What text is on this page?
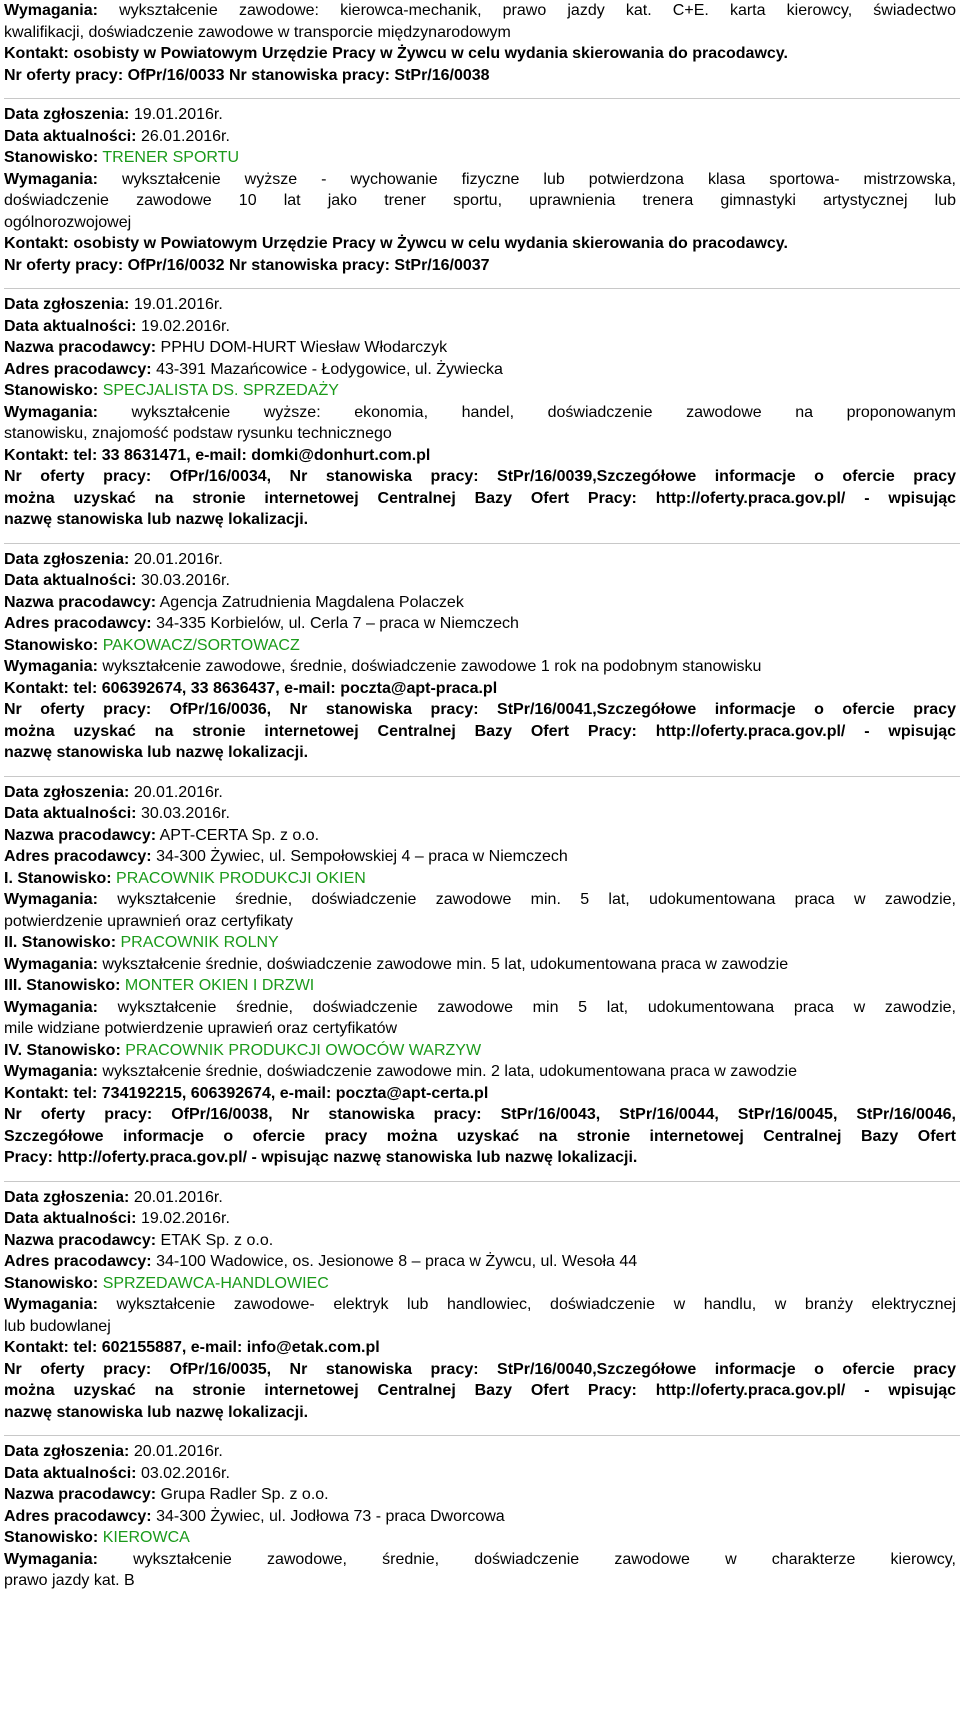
Wymagania: wykształcenie zawodowe: kierowca-mechanik, prawo jazdy kat. C+E. karta kierowcy, świadectwo
kwalifikacji, doświadczenie zawodowe w transporcie międzynarodowym
Kontakt: osobisty w Powiatowym Urzędzie Pracy w Żywcu w celu wydania skierowania do pracodawcy.
Nr oferty pracy: OfPr/16/0033 Nr stanowiska pracy: StPr/16/0038
Data zgłoszenia: 19.01.2016r.
Data aktualności: 26.01.2016r.
Stanowisko: TRENER SPORTU
Wymagania: wykształcenie wyższe - wychowanie fizyczne lub potwierdzona klasa sportowa- mistrzowska,
doświadczenie zawodowe 10 lat jako trener sportu, uprawnienia trenera gimnastyki artystycznej lub
ogólnorozwojowej
Kontakt: osobisty w Powiatowym Urzędzie Pracy w Żywcu w celu wydania skierowania do pracodawcy.
Nr oferty pracy: OfPr/16/0032 Nr stanowiska pracy: StPr/16/0037
Data zgłoszenia: 19.01.2016r.
Data aktualności: 19.02.2016r.
Nazwa pracodawcy: PPHU DOM-HURT Wiesław Włodarczyk
Adres pracodawcy: 43-391 Mazańcowice - Łodygowice, ul. Żywiecka
Stanowisko: SPECJALISTA DS. SPRZEDAŻY
Wymagania: wykształcenie wyższe: ekonomia, handel, doświadczenie zawodowe na proponowanym
stanowisku, znajomość podstaw rysunku technicznego
Kontakt: tel: 33 8631471, e-mail: domki@donhurt.com.pl
Nr oferty pracy: OfPr/16/0034, Nr stanowiska pracy: StPr/16/0039,Szczegółowe informacje o ofercie pracy
można uzyskać na stronie internetowej Centralnej Bazy Ofert Pracy: http://oferty.praca.gov.pl/ - wpisując
nazwę stanowiska lub nazwę lokalizacji.
Data zgłoszenia: 20.01.2016r.
Data aktualności: 30.03.2016r.
Nazwa pracodawcy: Agencja Zatrudnienia Magdalena Polaczek
Adres pracodawcy: 34-335 Korbielów, ul. Cerla 7 – praca w Niemczech
Stanowisko: PAKOWACZ/SORTOWACZ
Wymagania: wykształcenie zawodowe, średnie, doświadczenie zawodowe 1 rok na podobnym stanowisku
Kontakt: tel: 606392674, 33 8636437, e-mail: poczta@apt-praca.pl
Nr oferty pracy: OfPr/16/0036, Nr stanowiska pracy: StPr/16/0041,Szczegółowe informacje o ofercie pracy
można uzyskać na stronie internetowej Centralnej Bazy Ofert Pracy: http://oferty.praca.gov.pl/ - wpisując
nazwę stanowiska lub nazwę lokalizacji.
Data zgłoszenia: 20.01.2016r.
Data aktualności: 30.03.2016r.
Nazwa pracodawcy: APT-CERTA Sp. z o.o.
Adres pracodawcy: 34-300 Żywiec, ul. Sempołowskiej 4 – praca w Niemczech
I. Stanowisko: PRACOWNIK PRODUKCJI OKIEN
Wymagania: wykształcenie średnie, doświadczenie zawodowe min. 5 lat, udokumentowana praca w zawodzie,
potwierdzenie uprawnień oraz certyfikaty
II. Stanowisko: PRACOWNIK ROLNY
Wymagania: wykształcenie średnie, doświadczenie zawodowe min. 5 lat, udokumentowana praca w zawodzie
III. Stanowisko: MONTER OKIEN I DRZWI
Wymagania: wykształcenie średnie, doświadczenie zawodowe min 5 lat, udokumentowana praca w zawodzie,
mile widziane potwierdzenie uprawień oraz certyfikatów
IV. Stanowisko: PRACOWNIK PRODUKCJI OWOCÓW WARZYW
Wymagania: wykształcenie średnie, doświadczenie zawodowe min. 2 lata, udokumentowana praca w zawodzie
Kontakt: tel: 734192215, 606392674, e-mail: poczta@apt-certa.pl
Nr oferty pracy: OfPr/16/0038, Nr stanowiska pracy: StPr/16/0043, StPr/16/0044, StPr/16/0045, StPr/16/0046,
Szczegółowe informacje o ofercie pracy można uzyskać na stronie internetowej Centralnej Bazy Ofert
Pracy: http://oferty.praca.gov.pl/ - wpisując nazwę stanowiska lub nazwę lokalizacji.
Data zgłoszenia: 20.01.2016r.
Data aktualności: 19.02.2016r.
Nazwa pracodawcy: ETAK Sp. z o.o.
Adres pracodawcy: 34-100 Wadowice, os. Jesionowe 8 – praca w Żywcu, ul. Wesoła 44
Stanowisko: SPRZEDAWCA-HANDLOWIEC
Wymagania: wykształcenie zawodowe- elektryk lub handlowiec, doświadczenie w handlu, w branży elektrycznej
lub budowlanej
Kontakt: tel: 602155887, e-mail: info@etak.com.pl
Nr oferty pracy: OfPr/16/0035, Nr stanowiska pracy: StPr/16/0040,Szczegółowe informacje o ofercie pracy
można uzyskać na stronie internetowej Centralnej Bazy Ofert Pracy: http://oferty.praca.gov.pl/ - wpisując
nazwę stanowiska lub nazwę lokalizacji.
Data zgłoszenia: 20.01.2016r.
Data aktualności: 03.02.2016r.
Nazwa pracodawcy: Grupa Radler Sp. z o.o.
Adres pracodawcy: 34-300 Żywiec, ul. Jodłowa 73 - praca Dworcowa
Stanowisko: KIEROWCA
Wymagania: wykształcenie zawodowe, średnie, doświadczenie zawodowe w charakterze kierowcy,
prawo jazdy kat. B
